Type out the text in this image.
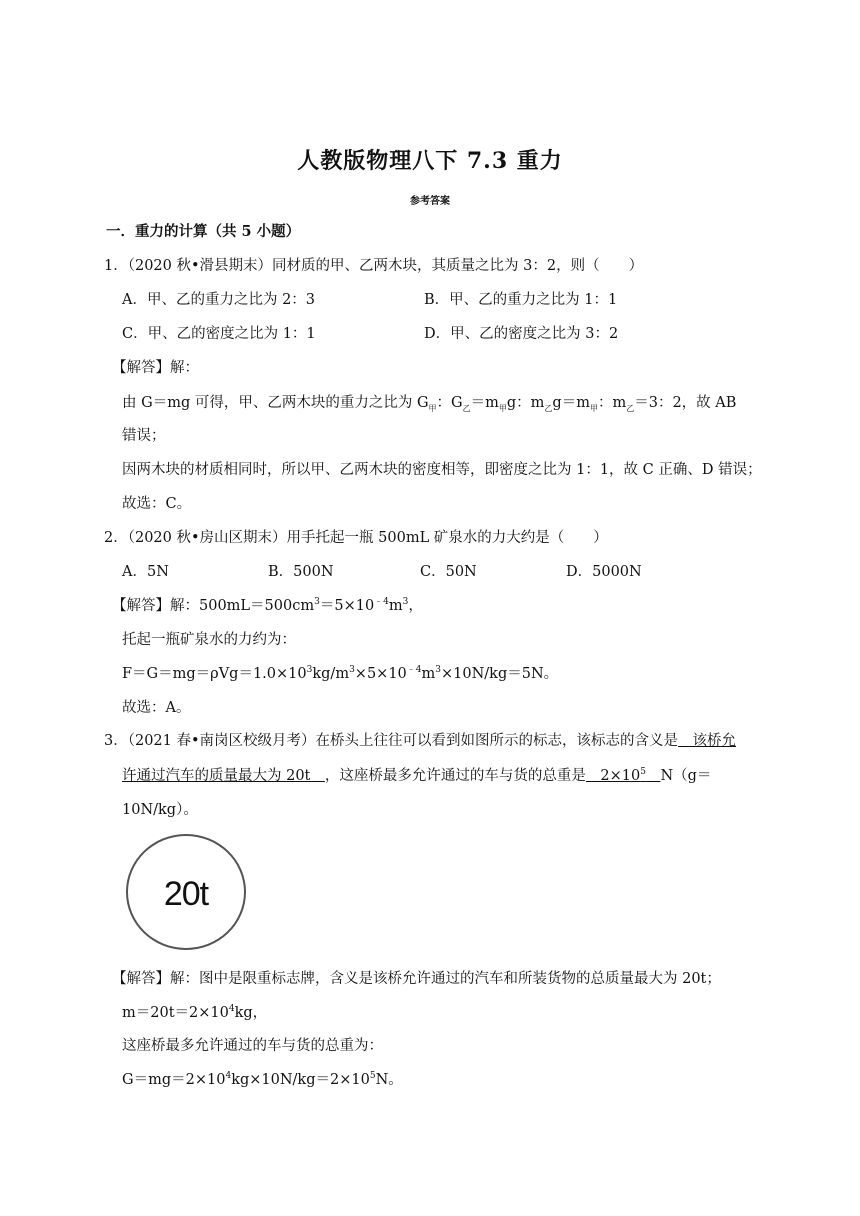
人教版物理八下 7.3 重力
参考答案
一．重力的计算（共 5 小题）
1．（2020 秋•滑县期末）同材质的甲、乙两木块，其质量之比为 3：2，则（　　）
A．甲、乙的重力之比为 2：3	B．甲、乙的重力之比为 1：1
C．甲、乙的密度之比为 1：1	D．甲、乙的密度之比为 3：2
【解答】解：
由 G＝mg 可得，甲、乙两木块的重力之比为 $G_甲$：$G_乙=m_甲g$：$m_乙g=m_甲$：$m_乙=3$：2，故 AB
错误；
因两木块的材质相同时，所以甲、乙两木块的密度相等，即密度之比为 1：1，故 C 正确、D 错误；
故选：C。
2．（2020 秋•房山区期末）用手托起一瓶 500mL 矿泉水的力大约是（　　）
A．5N	B．500N	C．50N	D．5000N
【解答】解：$500mL=500cm^3=5\times 10^{﹣4}m^3$，
托起一瓶矿泉水的力约为：
$F=G=mg=\rho Vg=1.0\times 10^3kg/m^3\times 5\times 10^{﹣4}m^3\times 10N/kg=5N$。
故选：A。
3．（2021 春•南岗区校级月考）在桥头上往往可以看到如图所示的标志，该标志的含义是　该桥允
许通过汽车的质量最大为 20t　，这座桥最多允许通过的车与货的总重是　$2\times 10^5$　 N（g＝
10N/kg）。
20t
【解答】解：图中是限重标志牌，含义是该桥允许通过的汽车和所装货物的总质量最大为 20t；
$m=20t=2\times 10^4kg$，
这座桥最多允许通过的车与货的总重为：
$G=mg=2\times 10^4kg\times 10N/kg=2\times 10^5N$。
